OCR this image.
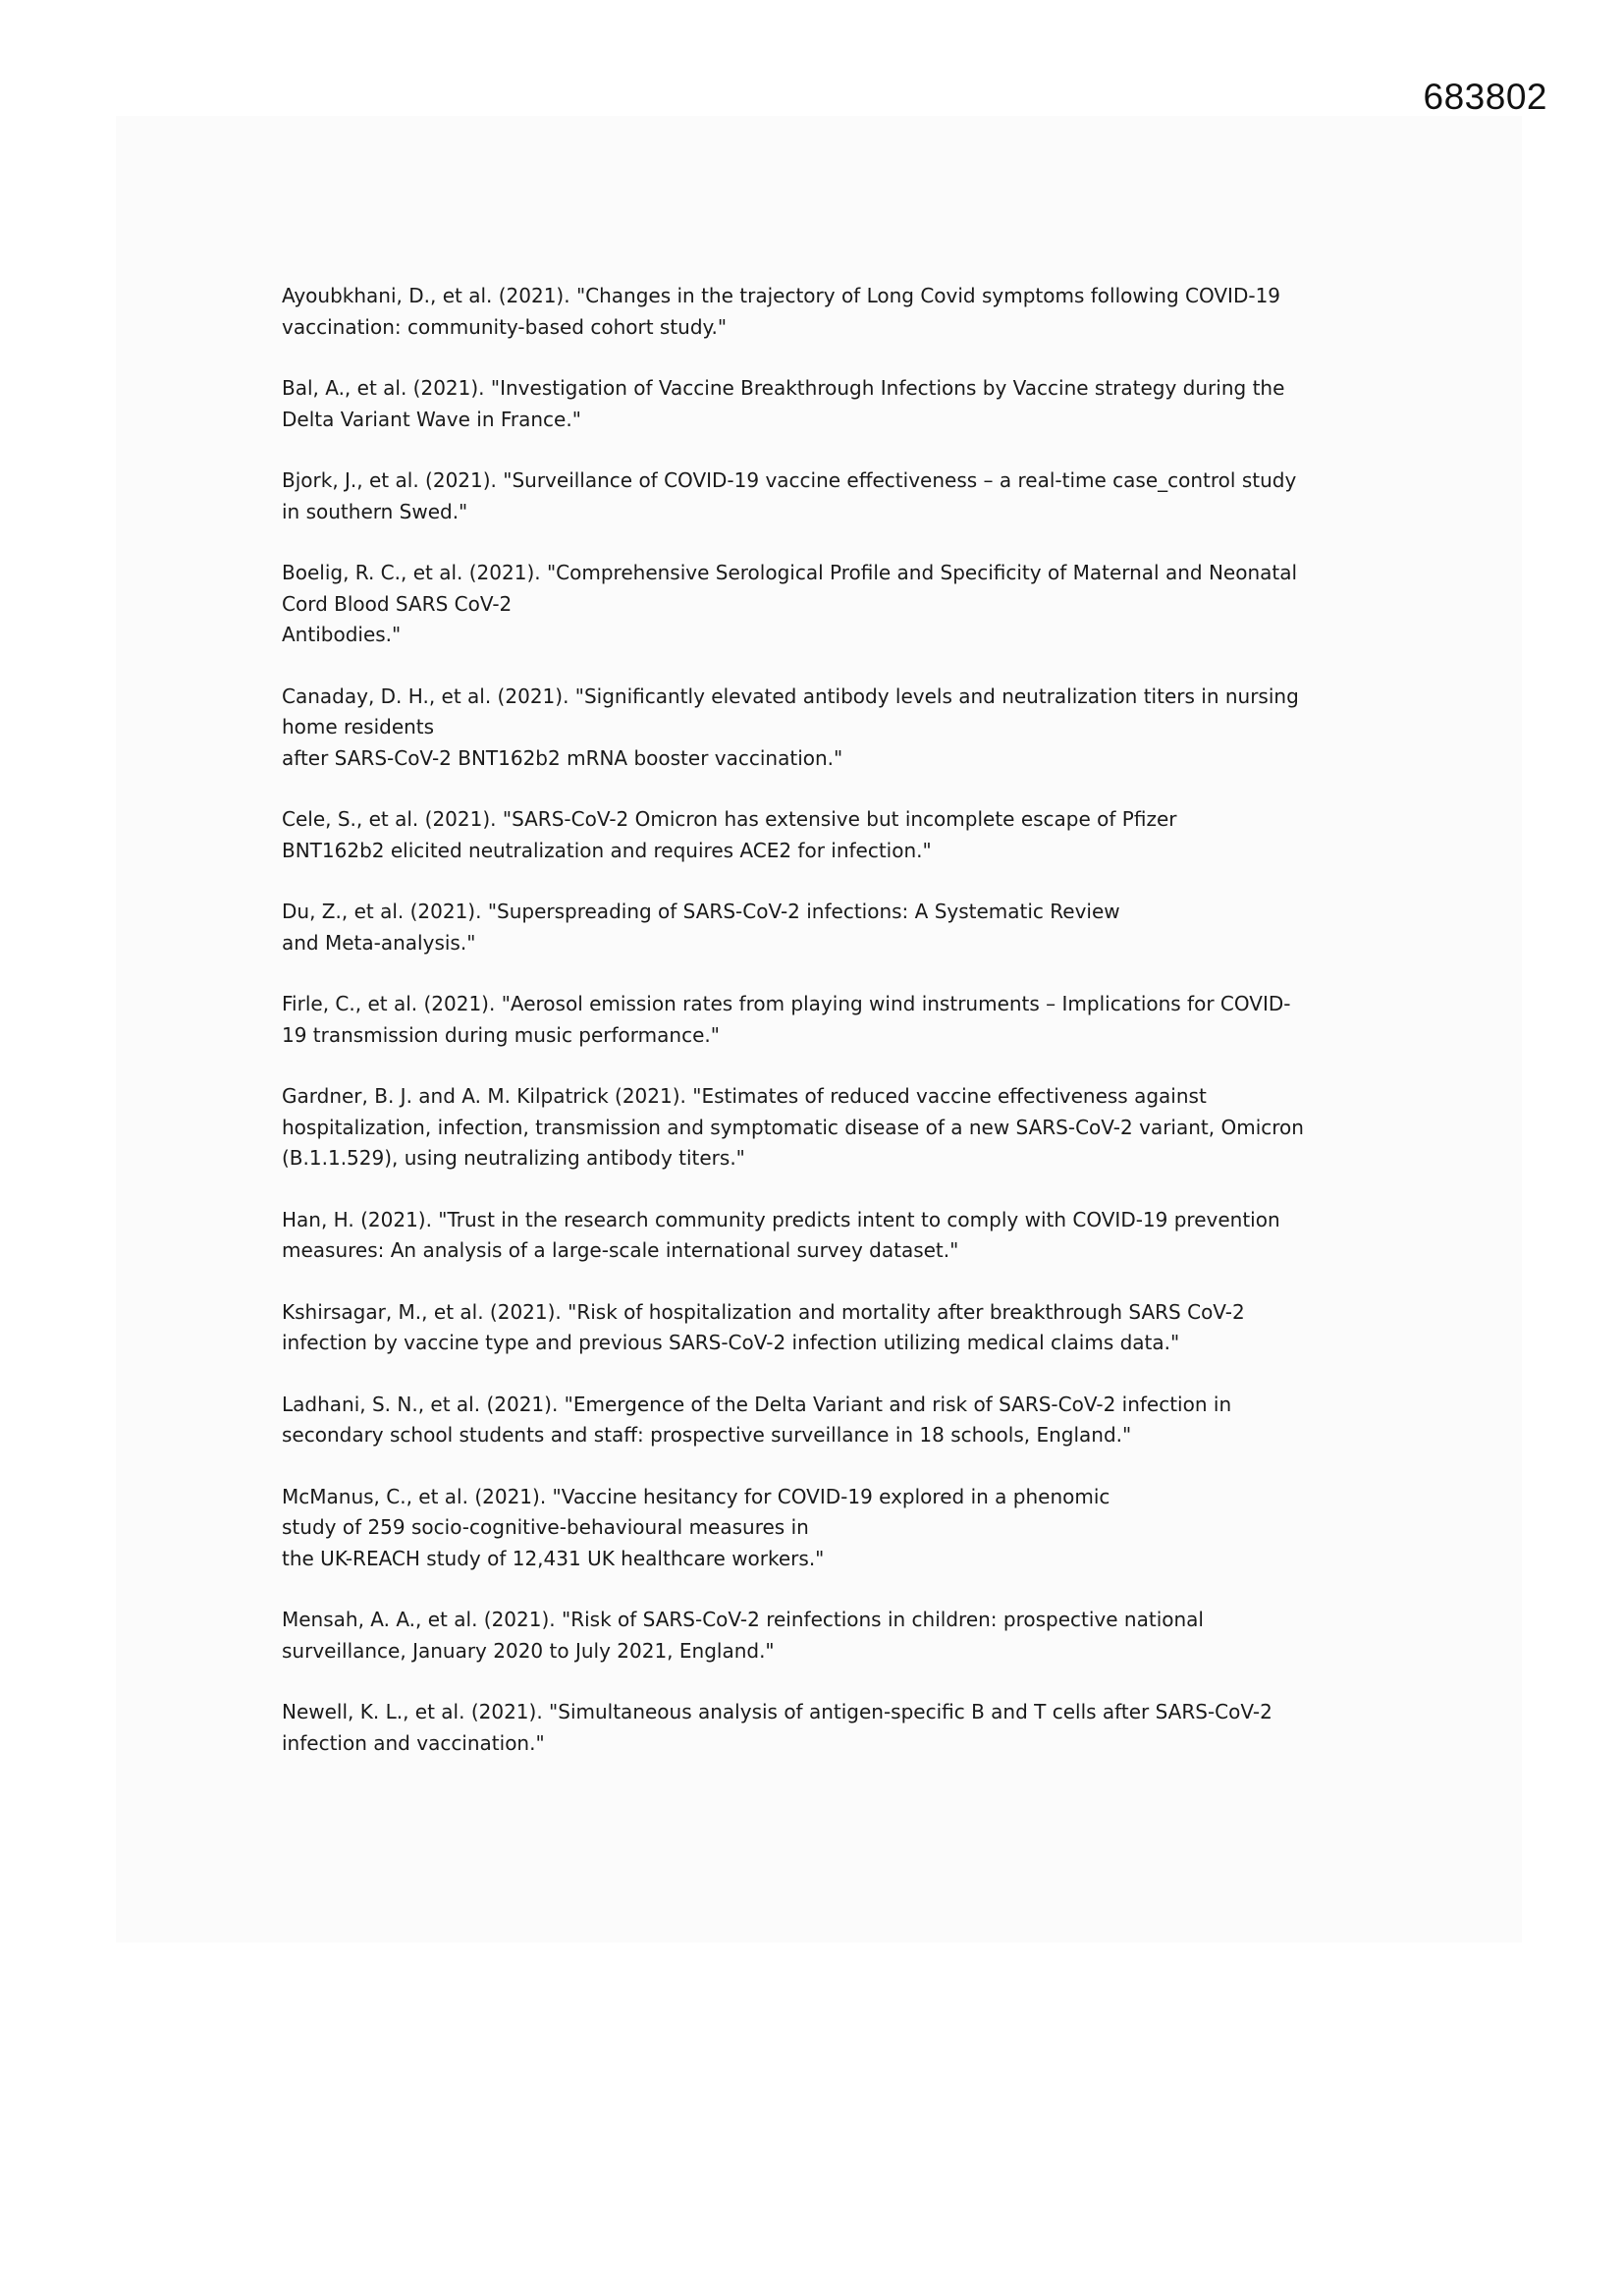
683802
Ayoubkhani, D., et al. (2021). "Changes in the trajectory of Long Covid symptoms following COVID-19
vaccination: community-based cohort study."
Bal, A., et al. (2021). "Investigation of Vaccine Breakthrough Infections by Vaccine strategy during the
Delta Variant Wave in France."
Bjork, J., et al. (2021). "Surveillance of COVID-19 vaccine effectiveness – a real-time case_control study
in southern Swed."
Boelig, R. C., et al. (2021). "Comprehensive Serological Profile and Specificity of Maternal and Neonatal
Cord Blood SARS CoV-2
Antibodies."
Canaday, D. H., et al. (2021). "Significantly elevated antibody levels and neutralization titers in nursing
home residents
after SARS-CoV-2 BNT162b2 mRNA booster vaccination."
Cele, S., et al. (2021). "SARS-CoV-2 Omicron has extensive but incomplete escape of Pfizer
BNT162b2 elicited neutralization and requires ACE2 for infection."
Du, Z., et al. (2021). "Superspreading of SARS-CoV-2 infections: A Systematic Review
and Meta-analysis."
Firle, C., et al. (2021). "Aerosol emission rates from playing wind instruments – Implications for COVID-
19 transmission during music performance."
Gardner, B. J. and A. M. Kilpatrick (2021). "Estimates of reduced vaccine effectiveness against
hospitalization, infection, transmission and symptomatic disease of a new SARS-CoV-2 variant, Omicron
(B.1.1.529), using neutralizing antibody titers."
Han, H. (2021). "Trust in the research community predicts intent to comply with COVID-19 prevention
measures: An analysis of a large-scale international survey dataset."
Kshirsagar, M., et al. (2021). "Risk of hospitalization and mortality after breakthrough SARS CoV-2
infection by vaccine type and previous SARS-CoV-2 infection utilizing medical claims data."
Ladhani, S. N., et al. (2021). "Emergence of the Delta Variant and risk of SARS-CoV-2 infection in
secondary school students and staff: prospective surveillance in 18 schools, England."
McManus, C., et al. (2021). "Vaccine hesitancy for COVID-19 explored in a phenomic
study of 259 socio-cognitive-behavioural measures in
the UK-REACH study of 12,431 UK healthcare workers."
Mensah, A. A., et al. (2021). "Risk of SARS-CoV-2 reinfections in children: prospective national
surveillance, January 2020 to July 2021, England."
Newell, K. L., et al. (2021). "Simultaneous analysis of antigen-specific B and T cells after SARS-CoV-2
infection and vaccination."
